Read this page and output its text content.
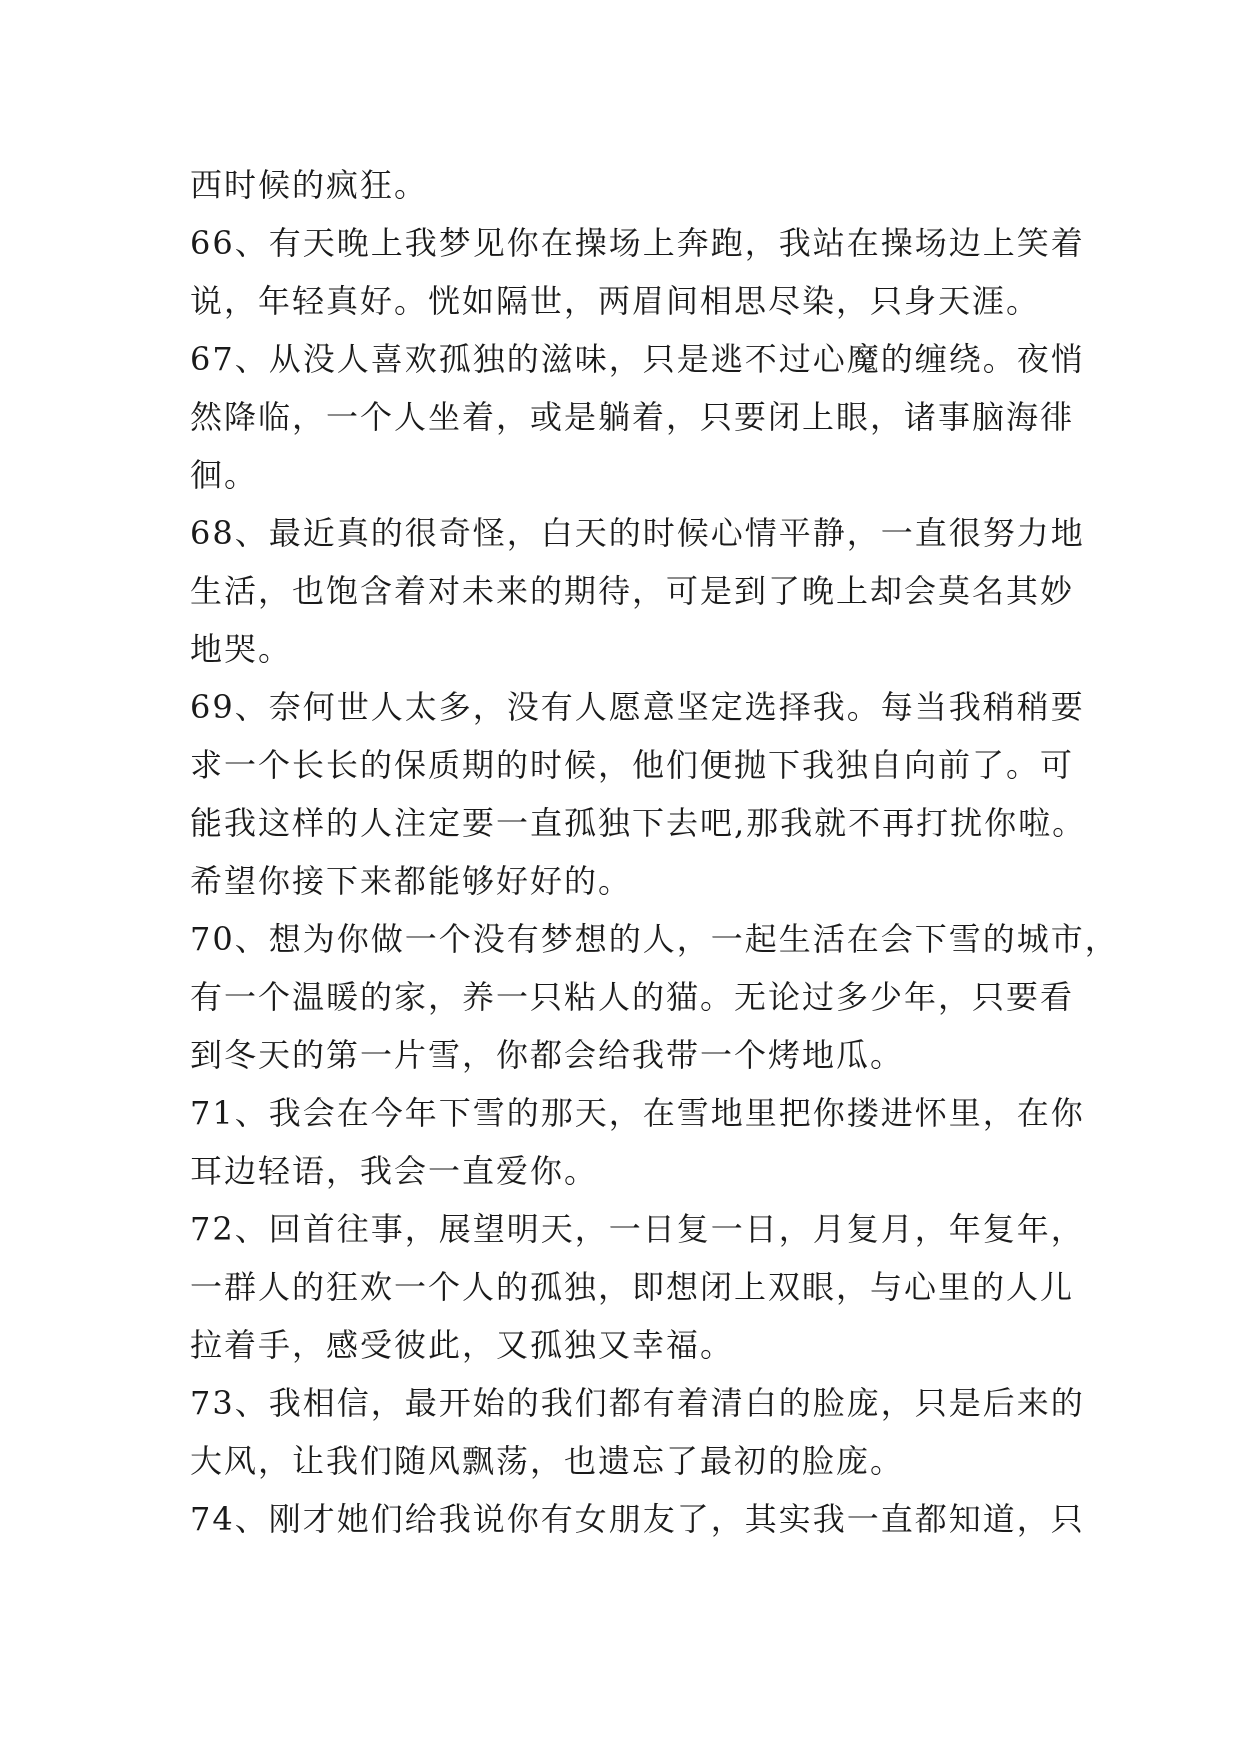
西时候的疯狂。
66、有天晚上我梦见你在操场上奔跑，我站在操场边上笑着
说，年轻真好。恍如隔世，两眉间相思尽染，只身天涯。
67、从没人喜欢孤独的滋味，只是逃不过心魔的缠绕。夜悄
然降临，一个人坐着，或是躺着，只要闭上眼，诸事脑海徘
徊。
68、最近真的很奇怪，白天的时候心情平静，一直很努力地
生活，也饱含着对未来的期待，可是到了晚上却会莫名其妙
地哭。
69、奈何世人太多，没有人愿意坚定选择我。每当我稍稍要
求一个长长的保质期的时候，他们便抛下我独自向前了。可
能我这样的人注定要一直孤独下去吧,那我就不再打扰你啦。
希望你接下来都能够好好的。
70、想为你做一个没有梦想的人，一起生活在会下雪的城市，
有一个温暖的家，养一只粘人的猫。无论过多少年，只要看
到冬天的第一片雪，你都会给我带一个烤地瓜。
71、我会在今年下雪的那天，在雪地里把你搂进怀里，在你
耳边轻语，我会一直爱你。
72、回首往事，展望明天，一日复一日，月复月，年复年，
一群人的狂欢一个人的孤独，即想闭上双眼，与心里的人儿
拉着手，感受彼此，又孤独又幸福。
73、我相信，最开始的我们都有着清白的脸庞，只是后来的
大风，让我们随风飘荡，也遗忘了最初的脸庞。
74、刚才她们给我说你有女朋友了，其实我一直都知道，只
